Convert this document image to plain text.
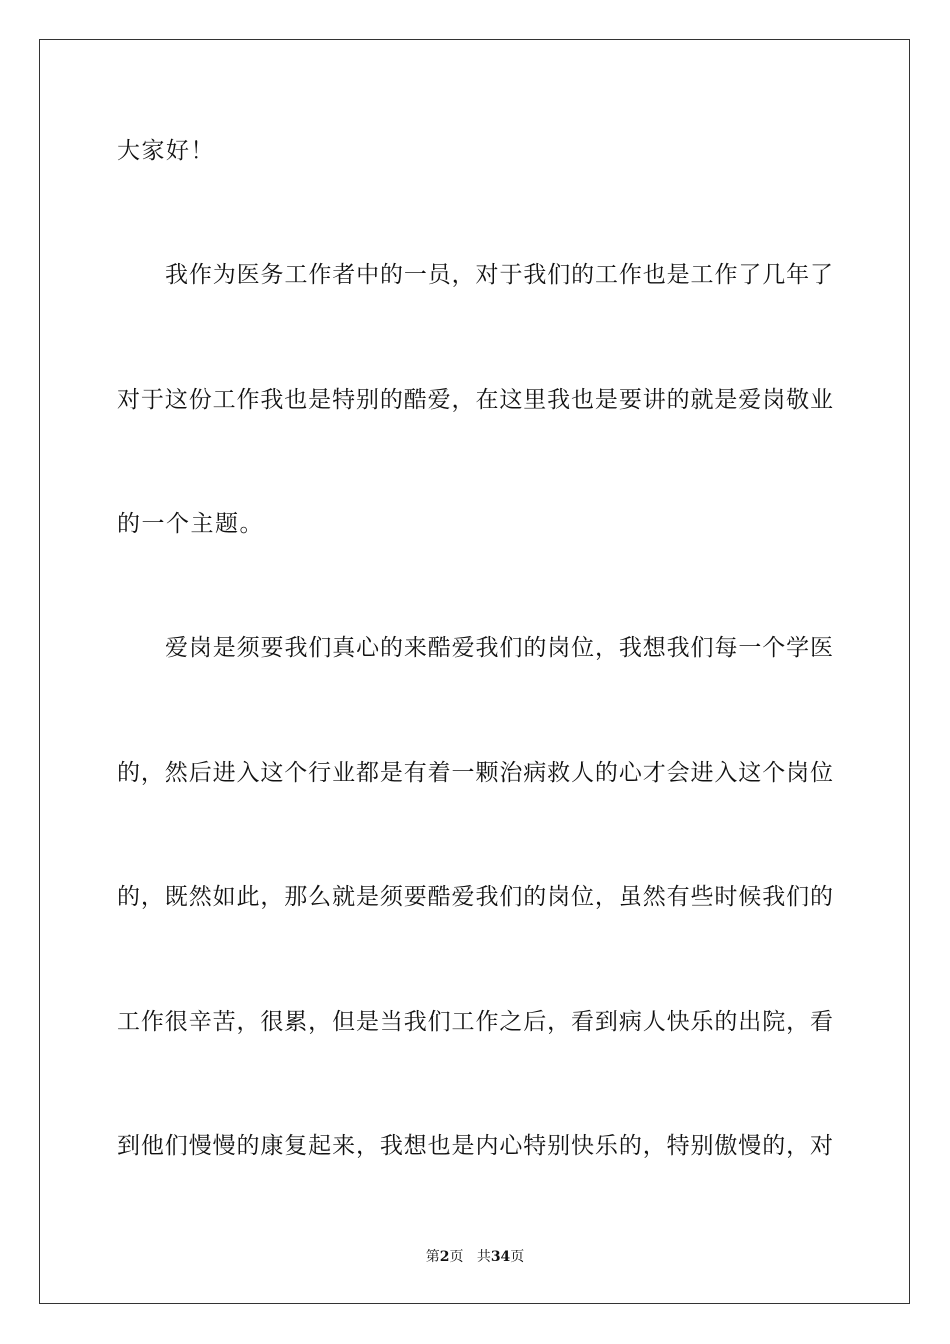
大家好！
我作为医务工作者中的一员，对于我们的工作也是工作了几年了
对于这份工作我也是特别的酷爱，在这里我也是要讲的就是爱岗敬业
的一个主题。
爱岗是须要我们真心的来酷爱我们的岗位，我想我们每一个学医
的，然后进入这个行业都是有着一颗治病救人的心才会进入这个岗位
的，既然如此，那么就是须要酷爱我们的岗位，虽然有些时候我们的
工作很辛苦，很累，但是当我们工作之后，看到病人快乐的出院，看
到他们慢慢的康复起来，我想也是内心特别快乐的，特别傲慢的，对
第2页 共34页
